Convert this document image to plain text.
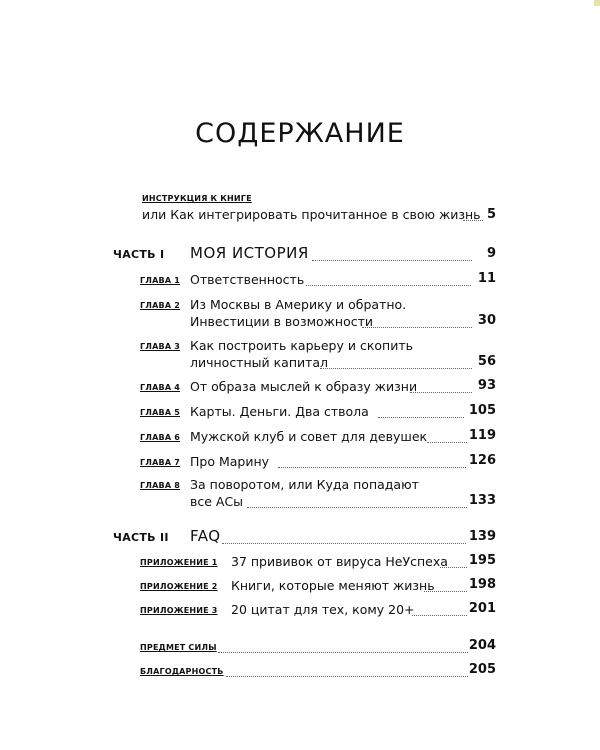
СОДЕРЖАНИЕ
ИНСТРУКЦИЯ К КНИГЕ
или Как интегрировать прочитанное в свою жизнь 5
ЧАСТЬ I МОЯ ИСТОРИЯ	9
ГЛАВА 1 Ответственность	11
ГЛАВА 2 Из Москвы в Америку и обратно.
Инвестиции в возможности	30
ГЛАВА 3 Как построить карьеру и скопить
личностный капитал	56
ГЛАВА 4 От образа мыслей к образу жизни	93
ГЛАВА 5 Карты. Деньги. Два ствола	105
ГЛАВА 6 Мужской клуб и совет для девушек	119
ГЛАВА 7 Про Марину	126
ГЛАВА 8 За поворотом, или Куда попадают
все АСы	133
ЧАСТЬ II FAQ	139
ПРИЛОЖЕНИЕ 1 37 прививок от вируса НеУспеха	195
ПРИЛОЖЕНИЕ 2 Книги, которые меняют жизнь	198
ПРИЛОЖЕНИЕ 3 20 цитат для тех, кому 20+	201
ПРЕДМЕТ СИЛЫ	204
БЛАГОДАРНОСТЬ	205
